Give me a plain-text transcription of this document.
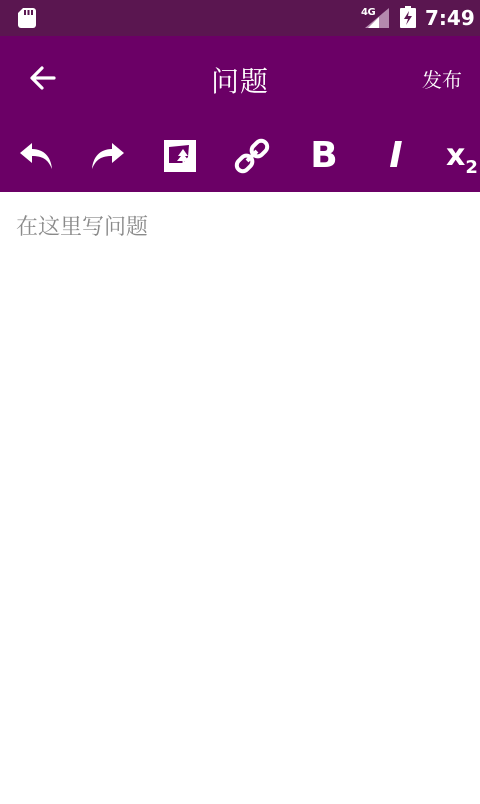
4G 7:49
问题	发布
B I $x_2$
在这里写问题
